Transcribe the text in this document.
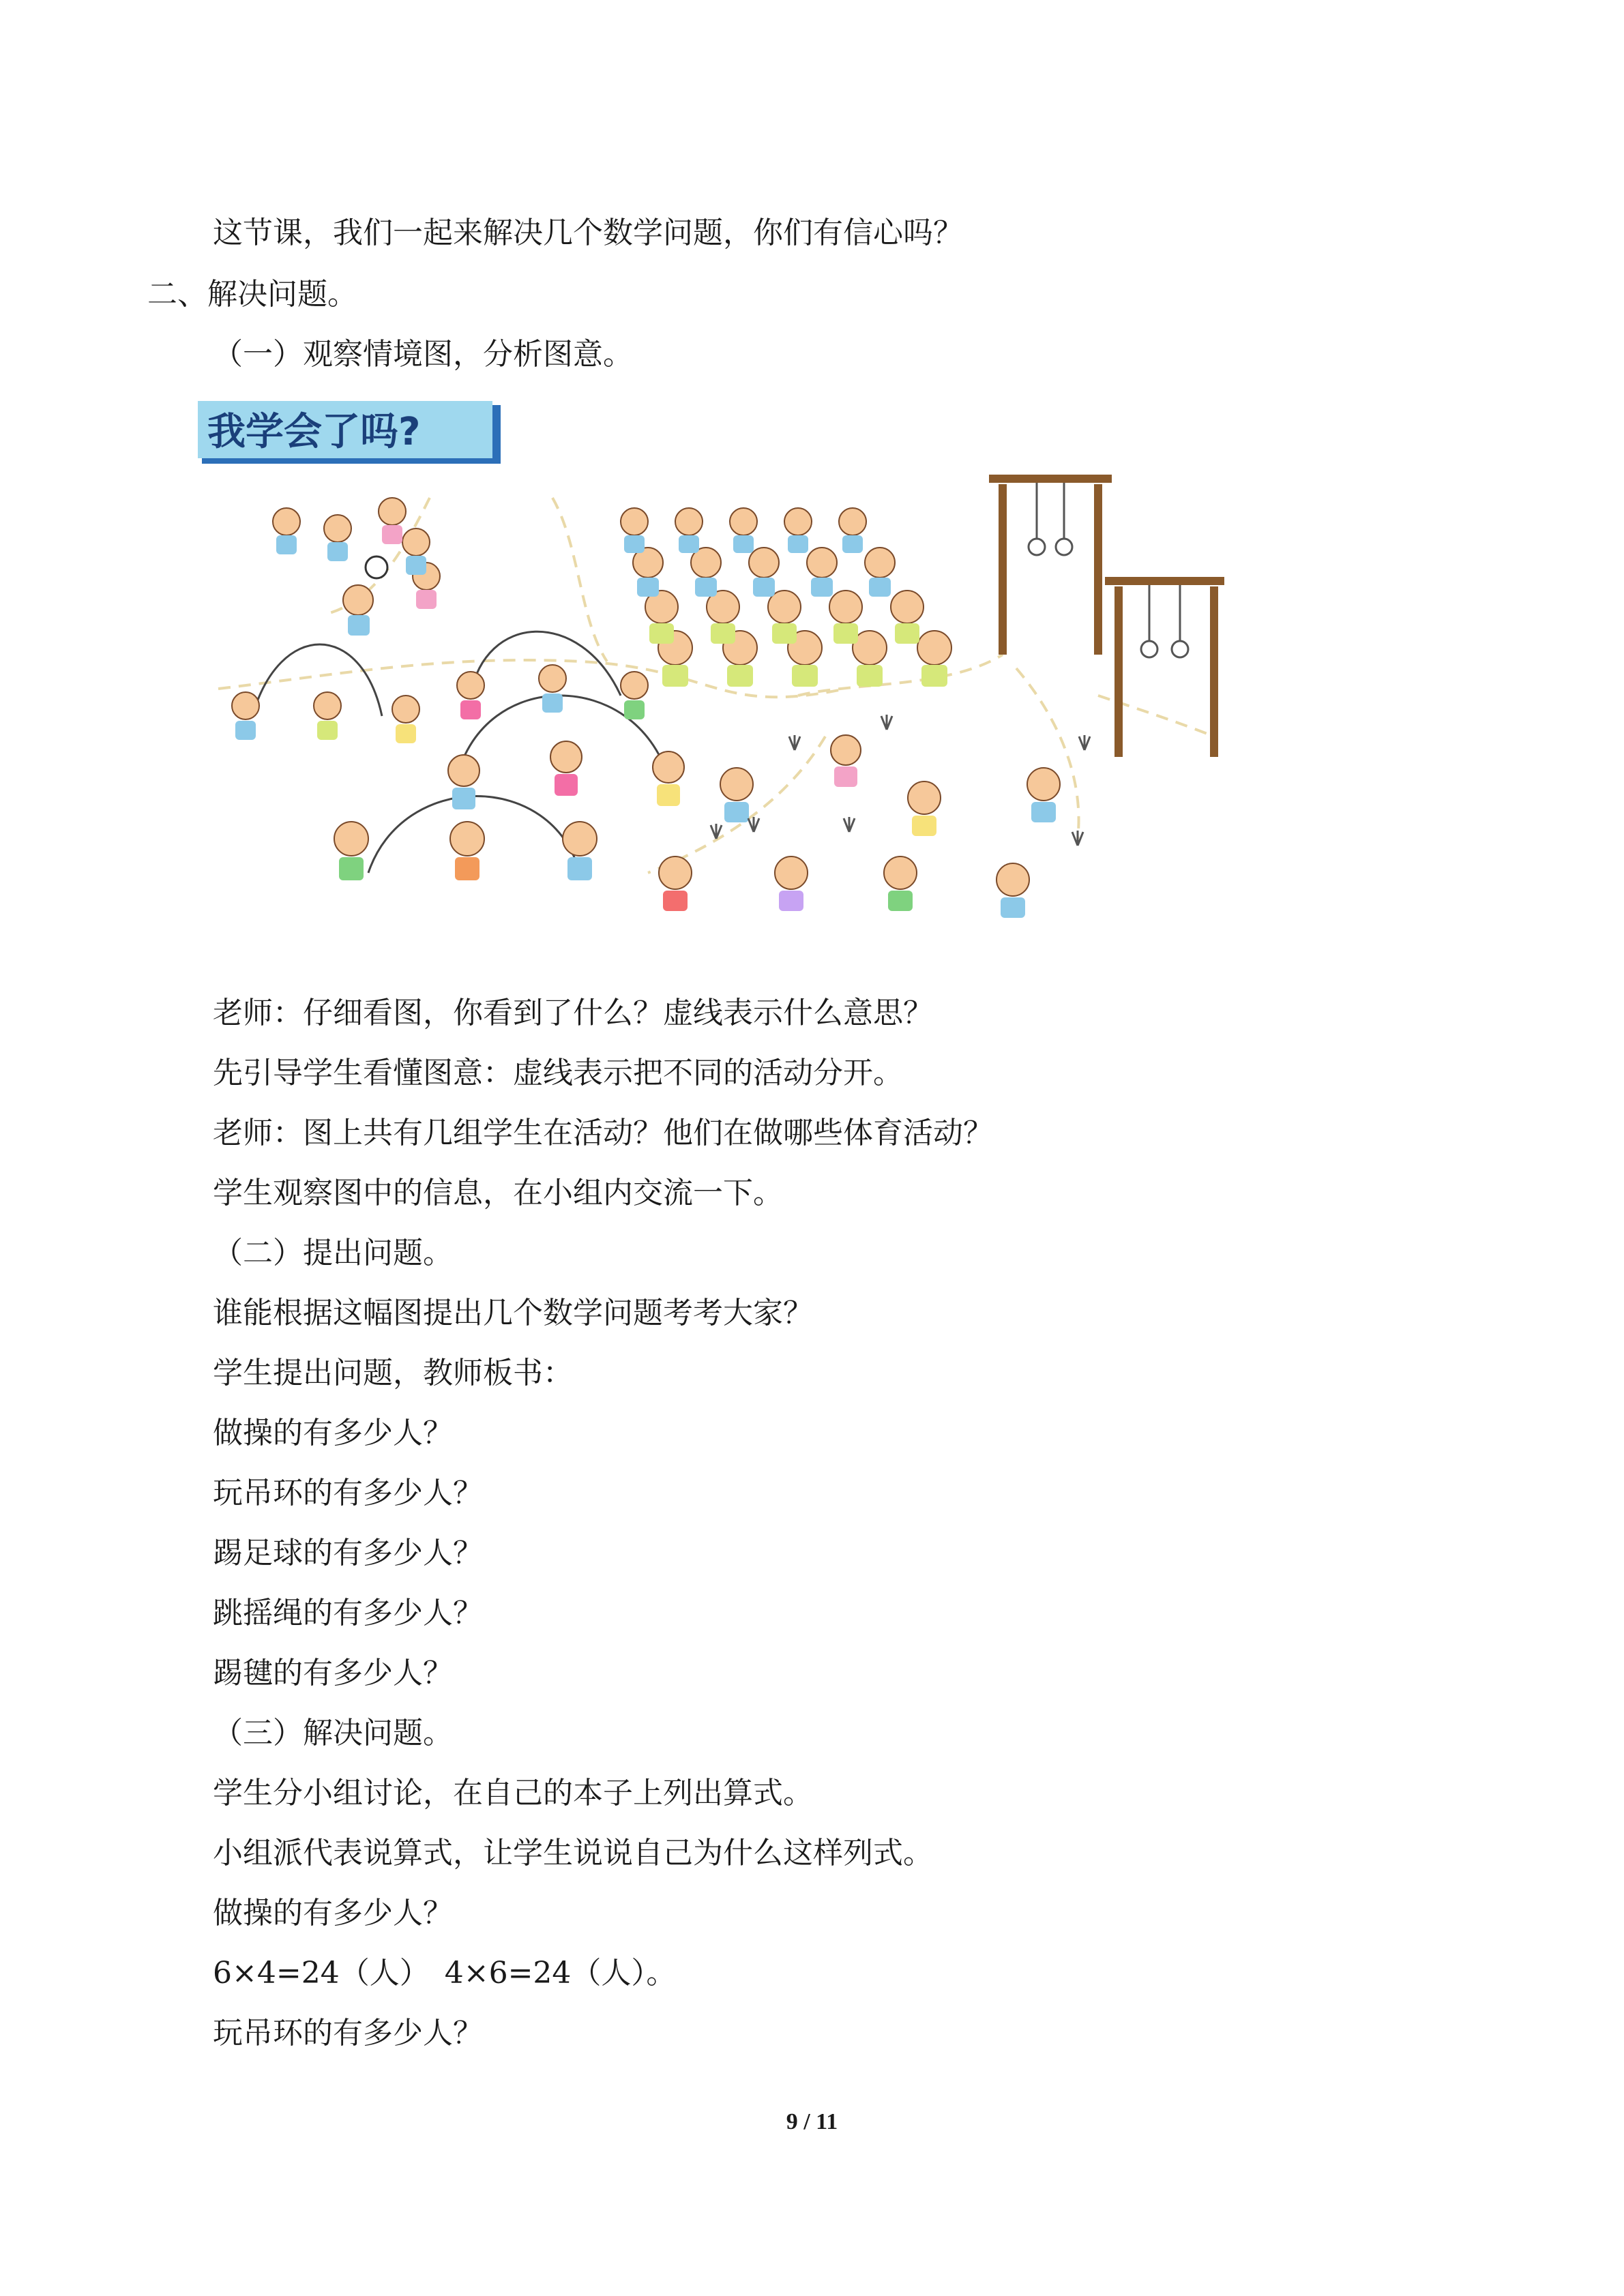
这节课，我们一起来解决几个数学问题，你们有信心吗？
二、解决问题。
（一）观察情境图，分析图意。
我学会了吗?
老师：仔细看图，你看到了什么？虚线表示什么意思？
先引导学生看懂图意：虚线表示把不同的活动分开。
老师：图上共有几组学生在活动？他们在做哪些体育活动？
学生观察图中的信息，在小组内交流一下。
（二）提出问题。
谁能根据这幅图提出几个数学问题考考大家？
学生提出问题，教师板书：
做操的有多少人？
玩吊环的有多少人？
踢足球的有多少人？
跳摇绳的有多少人？
踢毽的有多少人？
（三）解决问题。
学生分小组讨论，在自己的本子上列出算式。
小组派代表说算式，让学生说说自己为什么这样列式。
做操的有多少人？
6×4=24（人）　4×6=24（人）。
玩吊环的有多少人？
9 / 11
